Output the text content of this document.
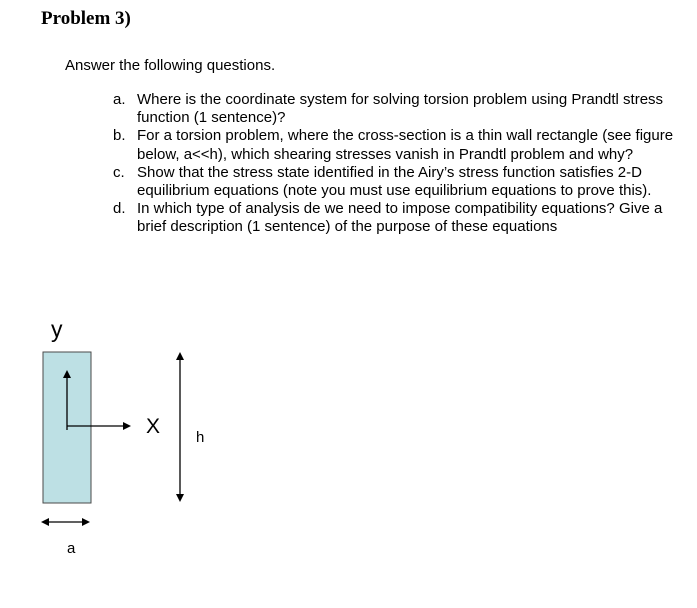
Problem 3)

Answer the following questions.

a. Where is the coordinate system for solving torsion problem using Prandtl stress function (1 sentence)?
b. For a torsion problem, where the cross-section is a thin wall rectangle (see figure below, a<<h), which shearing stresses vanish in Prandtl problem and why?
c. Show that the stress state identified in the Airy’s stress function satisfies 2-D equilibrium equations (note you must use equilibrium equations to prove this).
d. In which type of analysis de we need to impose compatibility equations? Give a brief description (1 sentence) of the purpose of these equations
y
X h
a
